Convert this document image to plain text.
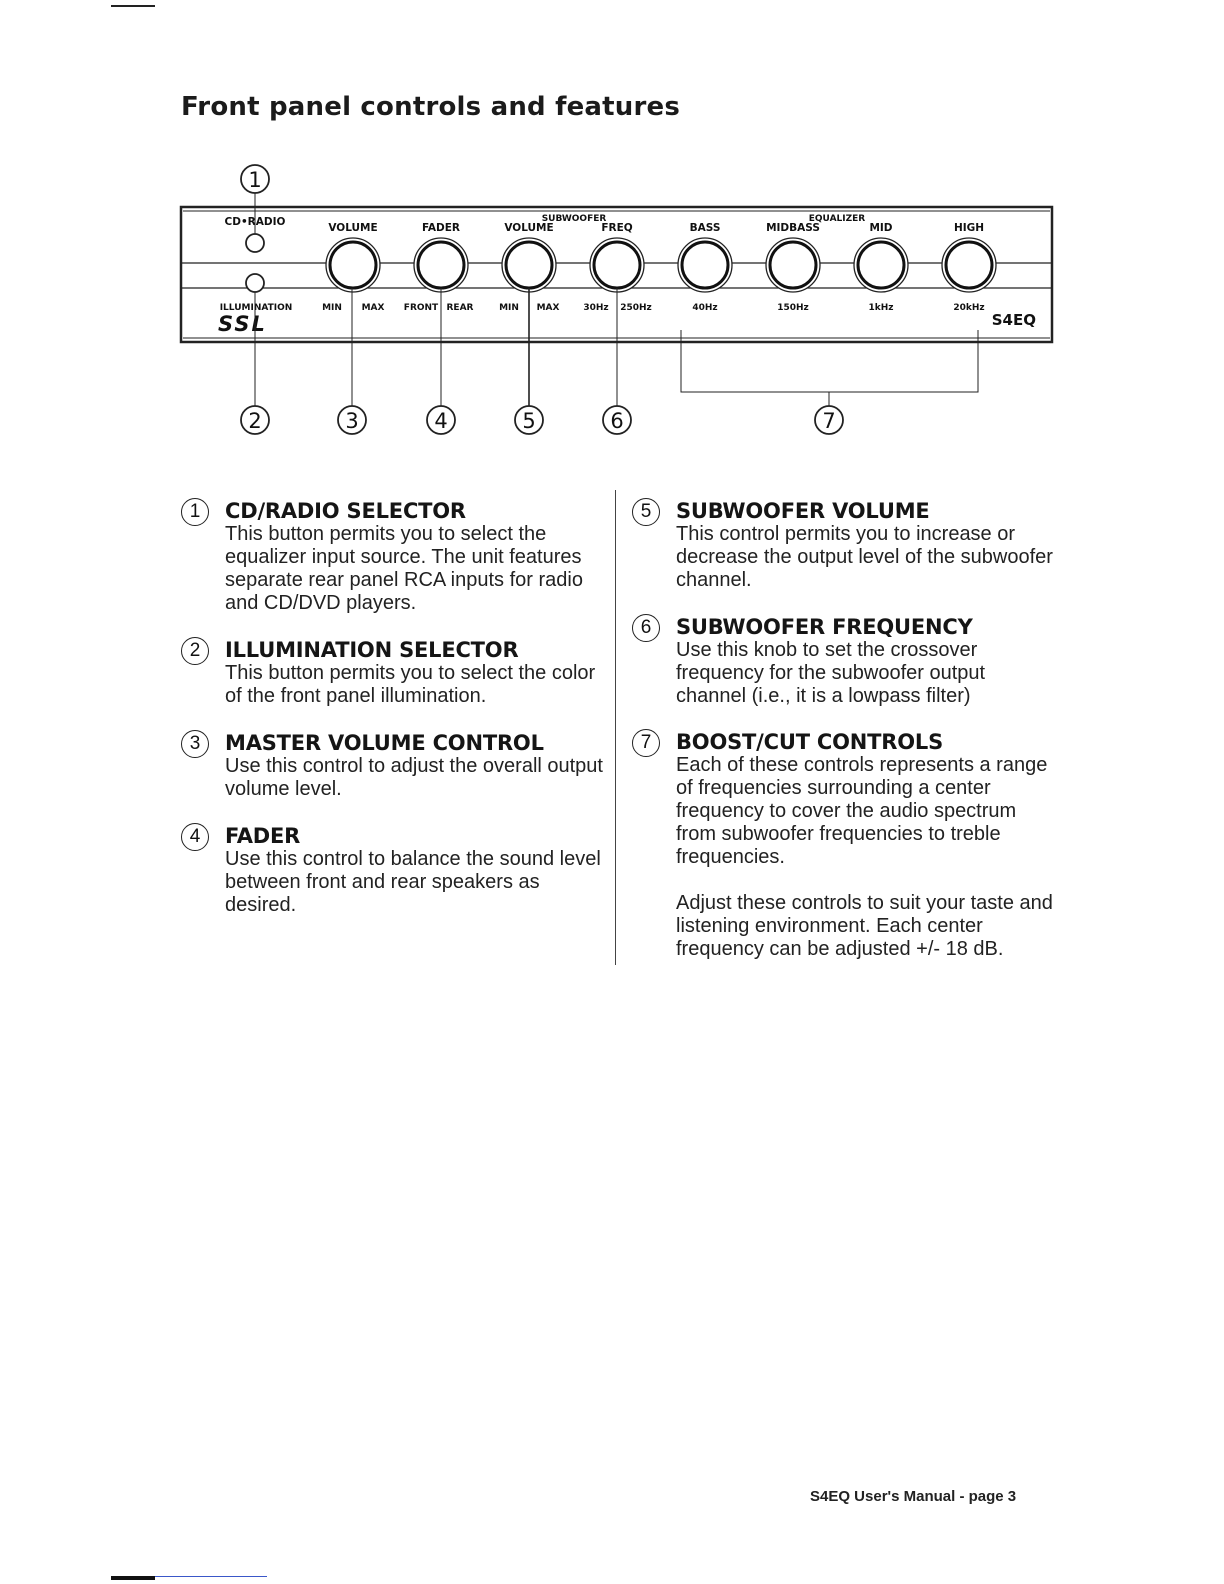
Front panel controls and features
SUBWOOFER	EQUALIZER
CD•RADIO
ILLUMINATION
VOLUME	FADER	VOLUME	FREQ	BASS	MIDBASS	MID	HIGH
MIN MAX FRONT REAR	MIN MAX	30Hz 250Hz	40Hz	150Hz	1kHz	20kHz
SSL	S4EQ
1
2	3	4	5	6	7
1	CD/RADIO SELECTOR

This button permits you to select the equalizer input source. The unit features separate rear panel RCA inputs for radio and CD/DVD players.

2	ILLUMINATION SELECTOR

This button permits you to select the color of the front panel illumination.

3	MASTER VOLUME CONTROL

Use this control to adjust the overall output volume level.

4	FADER

Use this control to balance the sound level between front and rear speakers as desired.

5	SUBWOOFER VOLUME

This control permits you to increase or decrease the output level of the subwoofer channel.

6	SUBWOOFER FREQUENCY

Use this knob to set the crossover frequency for the subwoofer output channel (i.e., it is a lowpass filter)

7	BOOST/CUT CONTROLS

Each of these controls represents a range of frequencies surrounding a center frequency to cover the audio spectrum from subwoofer frequencies to treble frequencies.

Adjust these controls to suit your taste and listening environment. Each center frequency can be adjusted +/- 18 dB.

S4EQ User's Manual - page 3
